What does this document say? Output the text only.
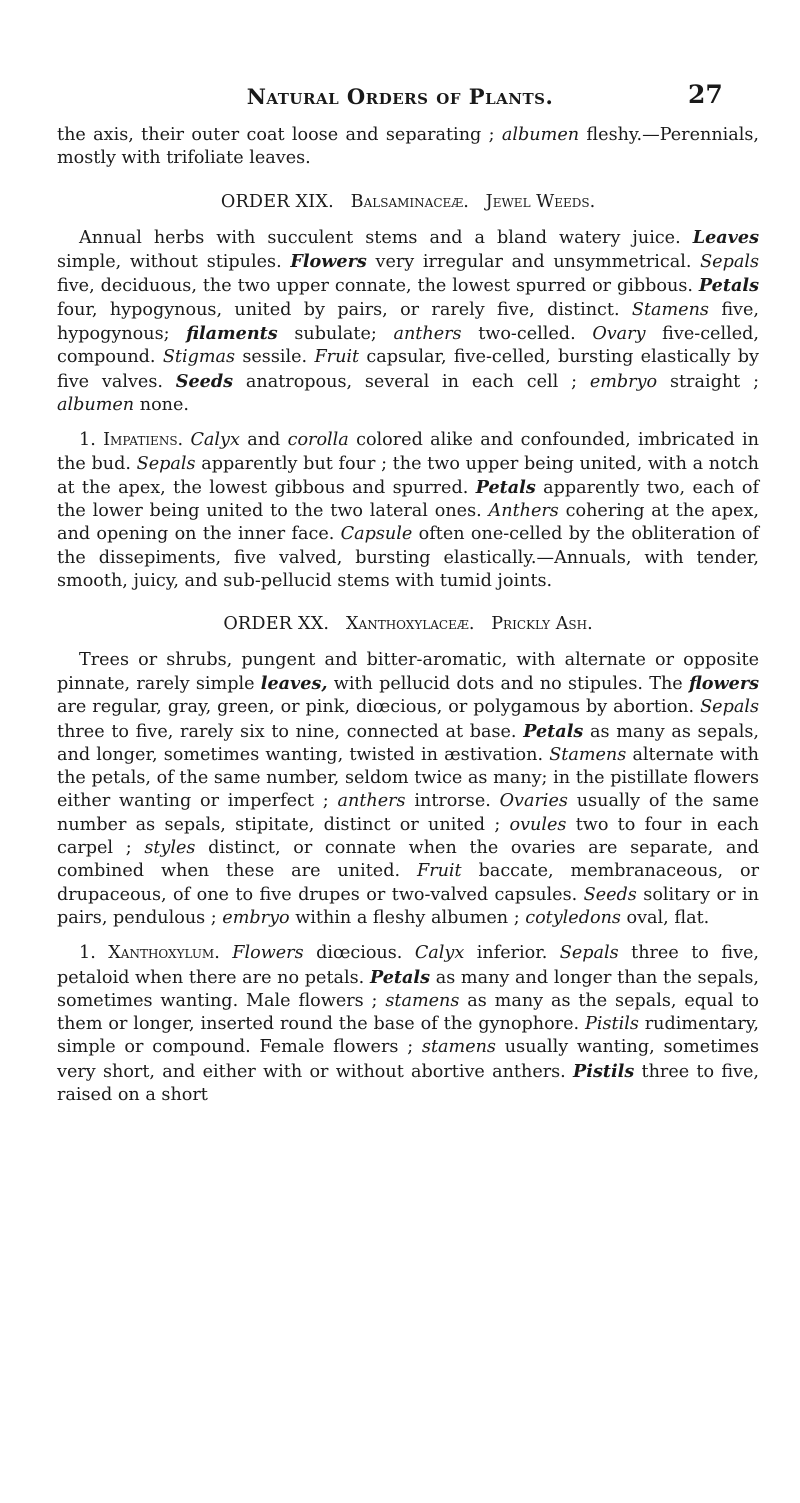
Natural Orders of Plants.	27

the axis, their outer coat loose and separating ; albumen fleshy.—Perennials, mostly with trifoliate leaves.

ORDER XIX. Balsaminaceæ. Jewel Weeds.

Annual herbs with succulent stems and a bland watery juice. Leaves simple, without stipules. Flowers very irregular and unsymmetrical. Sepals five, deciduous, the two upper connate, the lowest spurred or gibbous. Petals four, hypogynous, united by pairs, or rarely five, distinct. Stamens five, hypogynous; filaments subulate; anthers two-celled. Ovary five-celled, compound. Stigmas sessile. Fruit capsular, five-celled, bursting elastically by five valves. Seeds anatropous, several in each cell ; embryo straight ; albumen none.

1. Impatiens. Calyx and corolla colored alike and confounded, imbricated in the bud. Sepals apparently but four ; the two upper being united, with a notch at the apex, the lowest gibbous and spurred. Petals apparently two, each of the lower being united to the two lateral ones. Anthers cohering at the apex, and opening on the inner face. Capsule often one-celled by the obliteration of the dissepiments, five valved, bursting elastically.—Annuals, with tender, smooth, juicy, and sub-pellucid stems with tumid joints.

ORDER XX. Xanthoxylaceæ. Prickly Ash.

Trees or shrubs, pungent and bitter-aromatic, with alternate or opposite pinnate, rarely simple leaves, with pellucid dots and no stipules. The flowers are regular, gray, green, or pink, diœcious, or polygamous by abortion. Sepals three to five, rarely six to nine, connected at base. Petals as many as sepals, and longer, sometimes wanting, twisted in æstivation. Stamens alternate with the petals, of the same number, seldom twice as many; in the pistillate flowers either wanting or imperfect ; anthers introrse. Ovaries usually of the same number as sepals, stipitate, distinct or united ; ovules two to four in each carpel ; styles distinct, or connate when the ovaries are separate, and combined when these are united. Fruit baccate, membranaceous, or drupaceous, of one to five drupes or two-valved capsules. Seeds solitary or in pairs, pendulous ; embryo within a fleshy albumen ; cotyledons oval, flat.

1. Xanthoxylum. Flowers diœcious. Calyx inferior. Sepals three to five, petaloid when there are no petals. Petals as many and longer than the sepals, sometimes wanting. Male flowers ; stamens as many as the sepals, equal to them or longer, inserted round the base of the gynophore. Pistils rudimentary, simple or compound. Female flowers ; stamens usually wanting, sometimes very short, and either with or without abortive anthers. Pistils three to five, raised on a short
